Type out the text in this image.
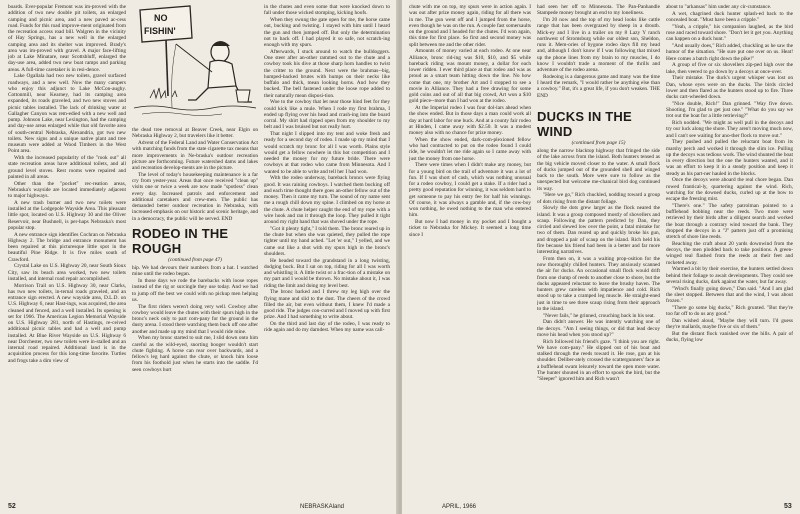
boards. Ever-popular Fremont was im-proved with the addition of two new double pit toilets, an enlarged camping and picnic area, and a new paved ac-cess road. Funds for this road improve-ment originated from the recreation access road bill. Walgren in the vicinity of Hay Springs, has a new well in the enlarged camping area and its shelter was improved. Brady's area was im-proved with gravel. A major face-lifting job at Lake Minatare, near Scottsbluff, enlarged the day-use area, added two new boat ramps and parking areas. A full-time caretaker is in resi-dence.

Lake Ogallala had two new toilets, gravel surfaced roadways, and a new well. Now the many campers who enjoy this adjunct to Lake McCon-aughy. Cottonmill, near Kearney, had its camping area expanded, its roads graveled, and two new stoves and picnic tables installed. The lack of drinking water at Gallagher Canyon was rem-edied with a new well and pump. Johnson Lake, near Lexington, had the camping and day-use areas enlarged while that old favorite area of south-central Nebraska, Alexandria, got two new toilets. New signs and a unique native plant and tree museum were added at Wood Timbers in the West Point area.

With the increased popularity of the "rook out" all state recreation areas have additional toilets, and all ground level stoves. Rest rooms were repaired and painted in all areas.

Other than the "pocket" rec-reation areas, Nebraska's wayside are located immediately adjacent to major highways.

A new trash burner and two new toilets were installed at the Lodgepole Wayside Area. This pleasant little spot, located on U.S. Highway 30 and the Oliver Reservoir, near Bushnell, is per-haps Nebraska's most popular stop.

A new entrance sign identifies Cochran on Nebraska Highway 2. The bridge and entrance monument has been repaired at this picturesque little spot in the beautiful Pine Ridge. It is five miles south of Crawford.

Crystal Lake on U.S. Highway 20, near South Sioux City, saw its beach area worked, two new toilets installed, and internal road repair accomplished.

Morrison Trail on U.S. Highway 30, near Clarks, has two new toilets, in-ternal roads graveled, and an entrance sign erected. A new wayside area, D.L.D. on U.S. Highway 6, near Hast-ings, was acquired, the area cleaned and fenced, and a well installed. Its opening is set for 1966. The American Legion Memorial Wayside on U.S. Highway 281, north of Hastings, re-ceived additional picnic tables and had a well and pump installed. At Blue River Wayside on U.S. Highway 6 near Dorchester, two new toilets were in-stalled and an internal road repaired. Additional land is in the acquisition process for this long-time favorite. Turtles and frogs take a dim view of

NO
FISHIN'

the dead tree removal at Beaver Creek, near Elgin on Nebraska Highway 2, but travelers like it better.

Advent of the Federal Land and Water Conservation Act with matching funds from the state cigarette tax means that more improvements in Ne-braska's outdoor recreation picture are forthcoming. Future watershed dams and lakes and recreation develop-ments are in the picture.

The level of today's housekeeping maintenance is a far cry from yester-year. Areas that once received "clean up" visits one or twice a week are now made "spotless" clean every day. Increased patrols and enforcement and additional caretakers and crew-men. The public has demanded better outdoor recreation in Nebraska, with increased emphasis on our historic and scenic heritage, and in a democracy, the public will be served. END

RODEO IN THE ROUGH
(continued from page 47)

hip. We had devours their numbers from a hat. I watched mine until the rodeo began.

In those days we rode the barebacks with loose ropes instead of the rig or surcingle they use today. And we had to jump off the best we could with no pickup men helping us.

The first riders weren't doing very well. Cowboy after cowboy would leave the chutes with their spurs high in the bronc's neck only to part com-pany for the ground in the dusty arena. I stood there watching them buck off one after another and made up my mind that I would ride mine.

When my bronc started to suit me, I slid down onto him careful as the wild-eyed, snorting booger wouldn't start chute fighting. A horse can rear over backwards, and a fellow's leg hard against the chute, or knock him loose from his foothold just when he starts into the saddle. I'd seen cowboys hurt

in the chutes and even some that were knocked down to fall under those wicked stomping, kicking hoofs.

When they swung the gate open for me, the horse came out, bucking and twisting. I stayed with him until I heard the gun and then jumped off. But only the determination not to back off. I had played it so safe, not scratch-ing enough with my spurs.

Afterwards, I stuck around to watch the bulldoggers. One steer after an-other rammed out to the chute and a cowboy took his dive at those sharp horn handles to twist the critter to the ground. Next were the brahmas--big, humped-backed brutes with humps on their necks like buffalo and thick, mean looking horns. And how they bucked. The bell fastened under the loose rope added to their naturally mean disposi-tion.

Woe to the cowboy that let near those hind feet for they could kick like a mule. When I rode my first brahma, I ended up flying over his head and crash-ing into the board corral. My shirt had ripped open from my shoulder to my belt and I was bruised but not really hurt.

That night I slipped into my tent and woke fresh and ready for a second day of rodeo. I made up my mind that I would scratch my bronc for all I was worth. Plains style would get a fellow nowhere in this hot competition and I needed the money for my future bride. There were cowboys at that rodeo who came from Minnesota. And I wanted to be able to write and tell her I had won.

With the rodeo underway, bareback broncs were flying good. It was raining cowboys. I watched them bucking off and each time thought there goes an-other fellow out of the money. Then it came my turn. The sound of my name sent me a rough chill down my spine. I climbed on my horse at the chute. A chute helper caught the end of my rope with a wire hook and ran it through the loop. They pulled it tight around my right hand that was shoved under the rope.

"Got it plenty tight," I told them. The bronc reared up in the chute but when she was quieted, they pulled the rope tighter until my hand ached. "Let 'er out," I yelled, and we came out like a shot with my spurs high in the bronc's shoulders.

He headed toward the grandstand in a long twisting, dodging buck. But I sat on top, riding for all I was worth and whistling it. A little twist or a frac-tion of a mistake on my part and I would be thrown. No mistake about it, I was riding the limit and doing my level best.

The bronc barked and I threw my leg high over the flying mane and slid to the dust. The cheers of the crowd filled the air, but even without them, I knew I'd made a good ride. The judges con-curred and I moved up with first prize. And I had something to write about.

On the third and last day of the rodeo, I was ready to ride again and do my darndest. When my name was call-

52	NEBRASKAland

chute with me on top, my spurs were in action again. I was out after prize money again, riding for all there was in me. The gun went off and I jumped from the horse, even though he was on the run. A couple fast somersaults on the ground and I headed for the chutes. I'd won again, this time for first place. So first and second money was split between me and the other rider.

Amounts of money varied at each rodeo. At one near Alliance, bronc rid-ing was $10, $10, and $5 while bareback riding was mount money, a dollar for each lower ridden. I ever third place at that rodeo and was as proud as a smart team hitting down the line. No how come that one, my brother Art and I stopped to see a movie in Alliance. They had a free drawing for some gold coins and out of all that big crowd, Art won a $10 gold piece--more than I had won at the rodeo.

At the Imperial rodeo I was four dol-lars ahead when the show ended. But in those days a man could work all day at hard labor for one buck. And at a county fair rodeo at Hinden, I came away with $2.50. It was a modest money also with no chance for prize money.

When the show ended, dark-com-plexioned fellow who had contracted to put on the rodeo found I could ride, he wouldn't let me ride again so I came away with just the money from one horse.

There were times when I didn't make any money, but for a young bird on the trail of adventure it was a lot of fun. If I was short of cash, which was nothing unusual for a rodeo cowboy, I could get a stake. If a rider had a pretty good reputation for winning, it was seldom hard to get someone to pay his entry fee for half his winnings. Of course, it was always a gamble and, if the cow-boy won nothing, he owed nothing to the man who entered him.

But now I had money in my pocket and I bought a ticket to Nebraska for Mickey. It seemed a long time since I

had seen her off to Minnesota. The Pan-Panhandle Stampede money brought an end to my loneliness.

I'm 20 now and the top of my head looks like cattle range that has been overgrazed by sheep in a drouth. Mick-ey and I live in a trailer on my 8 Lazy Y ranch northwest of Stromsburg while our oldest son, Sheldon, runs it. Mem-ories of bygone rodeo days fill my head and, although I don't know if I was following that mixed up the phone lines from my brain to my muscles, I do know I wouldn't trade a moment of the thrills and adventure of the rodeo arena.

Rodeoing is a dangerous game and many was the time I heard the remark, "I would rather be anything else than a cowboy." But, it's a great life, if you don't weaken. THE END

DUCKS IN THE WIND
(continued from page 15)

along the narrow blacktop highway that fringed the side of the lake across from the island. Both hunters tensed as the big vehicle moved closer to the water. A small flock of ducks jumped out of the grounded shell and winged back to the south. More were sure to follow as the unexpected but welcome me-chanical bird dog continued its way.

"Here we go," Rich chuckled, nodding toward a group of dots rising from the distant foliage.

Slowly the dots grew larger as the flock neared the island. It was a group composed mostly of shovellers and scaup. Following the pattern predicted by Dan, they circled and slewed low over the point, a fatal mistake for two of them. Dan reared up and quickly broke his gun, and dropped a pair of scaup on the island. Rich held his fire because his friend had been in a better and far more interesting narratives.

From then on, it was a waiting prop-osition for the now thoroughly chilled hunters. They anxiously scanned the air for ducks. An occasional small flock would drift from one clump of reeds to another close to shore, but the ducks appeared reluctant to leave the brushy haven. The hunters grew careless with impatience and cold. Rich stood up to take a cramped leg muscle. He straight-ened just in time to see three scaup rising from their approach to the island.

"Never fails," he grinned, crouching back in his seat.

Dan didn't answer. He was intently watching one of the decoys. "Am I seeing things, or did that lead decoy move his head when you stood up?"

Rich followed his friend's gaze. "I think you are right. We have com-pany." He slipped out of his boat and stalked through the reeds toward it. He rose, gun at his shoulder. Deliber-ately crossed the scattergunners' face as a bufflehead swam leisurely toward the open more water. The hunter shouted in an effort to spook the bird, but the "Sleeper" ignored him and Rich wasn't

about to "arkansas" him under any cir-cumstance.

A wet, chagrined duck hunter splash-ed back to the concealed boat. "Must have been a cripple."

"Yeah, a cripple," his companion laughed, as the bird rose and raced toward shore. "Don't let it get you. Anything can happen on a duck hunt."

"And usually does," Rich added, chuckling as he saw the humor of the situation. "He sure put one over on us. Heat! Here comes a batch right down the pike!"

A group of five or six shovellers zip-ped high over the lake, then veered to go down by a decoys at once-over.

Their mistake. The duck's urgent whisper was lost on Dan, whose eyes were on the ducks. The birds circled lower and then flared as the hunters stood up to fire. Three ducks cart-wheeled down.

"Nice double, Rich!" Dan grinned. "Way five down. Shooting, I'm glad to get just one." "What do you say we trot out the boat for a little retrieving?"

Rich nodded. "We might as well pull in the decoys and try our luck along the shore. They aren't moving much now, and I can't see waiting for ano-ther flock to move out."

They pushed and pulled the reluctant boat from its marshy perch and worked it through the slim ice. Pulling up the decoys was tedious work. The wind shunted the boat in every direction but the one the hunters wanted, and it was an effort to keep it in a steady position and keep it steady as his part-ner hauled in the blocks.

Once the decoys were aboard the real chore began. Dan rowed frantical-ly, quartering against the wind. Rich, watching for the downed ducks, curled up at the bow to escape the freezing mist.

"There's one." The safety patrolman pointed to a bufflehead bobbing near the reeds. Two more were retrieved by their birds after a diligent search and worked the boat through a contrary wind toward the bank. They dropped the decoys in a "J" pattern just off a promising stretch of shore line reeds.

Beaching the craft about 20 yards downwind from the decoys, the men plodded back to take positions. A green-winged teal flashed from the reeds at their feet and rocketed away.

Warmed a bit by their exercise, the hunters settled down behind their foliage to await developments. They could see several rising ducks, dark against the water, but far away.

"Wind's finally going down," Dan said. "And I am glad the sleet stopped. Between that and the wind, I was about frozen."

"There go some big ducks," Rich grunted. "But they're too far off to do us any good."

Dan wished aloud, "Maybe they will turn. I'd guess they're mallards, maybe five or six of them."

But the distant flock vanished over the hills. A pair of ducks, flying low

APRIL, 1966	53
